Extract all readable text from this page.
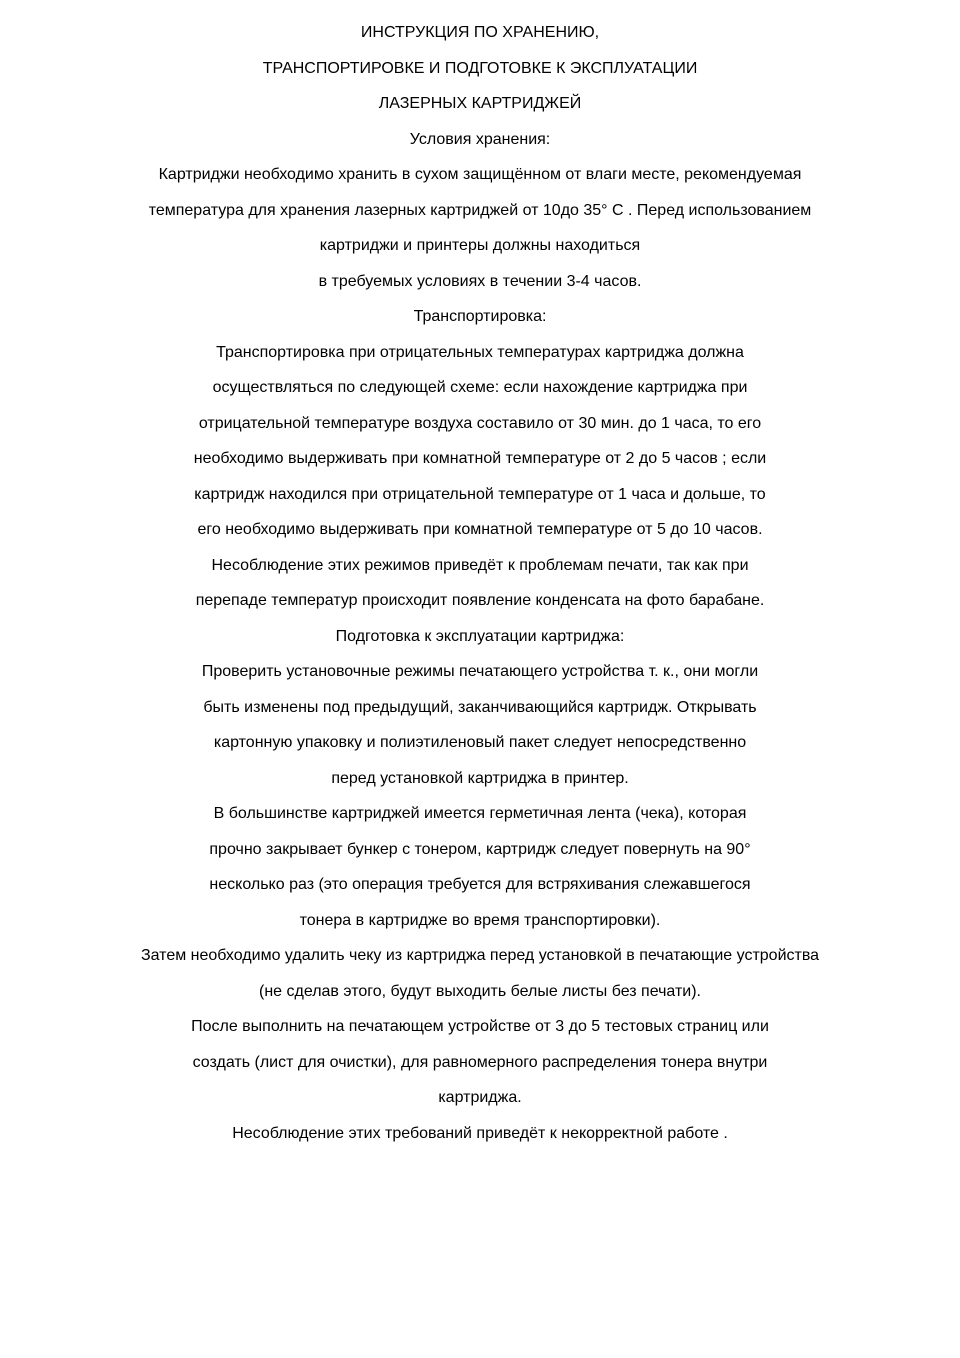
ИНСТРУКЦИЯ ПО ХРАНЕНИЮ,
ТРАНСПОРТИРОВКЕ И ПОДГОТОВКЕ К ЭКСПЛУАТАЦИИ
ЛАЗЕРНЫХ КАРТРИДЖЕЙ
Условия хранения:
Картриджи необходимо хранить в сухом защищённом от влаги месте, рекомендуемая
температура для хранения лазерных картриджей от 10до 35° С . Перед использованием
картриджи и принтеры должны находиться
в требуемых условиях в течении 3-4 часов.
Транспортировка:
Транспортировка при отрицательных температурах картриджа должна
осуществляться по следующей схеме: если нахождение картриджа при
отрицательной температуре воздуха составило от 30 мин. до 1 часа, то его
необходимо выдерживать при комнатной температуре от 2 до 5 часов ; если
картридж находился при отрицательной температуре от 1 часа и дольше, то
его необходимо выдерживать при комнатной температуре от 5 до 10 часов.
Несоблюдение этих режимов приведёт к проблемам печати, так как при
перепаде температур происходит появление конденсата на фото барабане.
Подготовка к эксплуатации картриджа:
Проверить установочные режимы печатающего устройства т. к., они могли
быть изменены под предыдущий, заканчивающийся картридж. Открывать
картонную упаковку и полиэтиленовый пакет следует непосредственно
перед установкой картриджа в принтер.
В большинстве картриджей имеется герметичная лента (чека), которая
прочно закрывает бункер с тонером, картридж следует повернуть на 90°
несколько раз (это операция требуется для встряхивания слежавшегося
тонера в картридже во время транспортировки).
Затем необходимо удалить чеку из картриджа перед установкой в печатающие устройства
(не сделав этого, будут выходить белые листы без печати).
После выполнить на печатающем устройстве от 3 до 5 тестовых страниц или
создать (лист для очистки), для равномерного распределения тонера внутри
картриджа.
Несоблюдение этих требований приведёт к некорректной работе .
